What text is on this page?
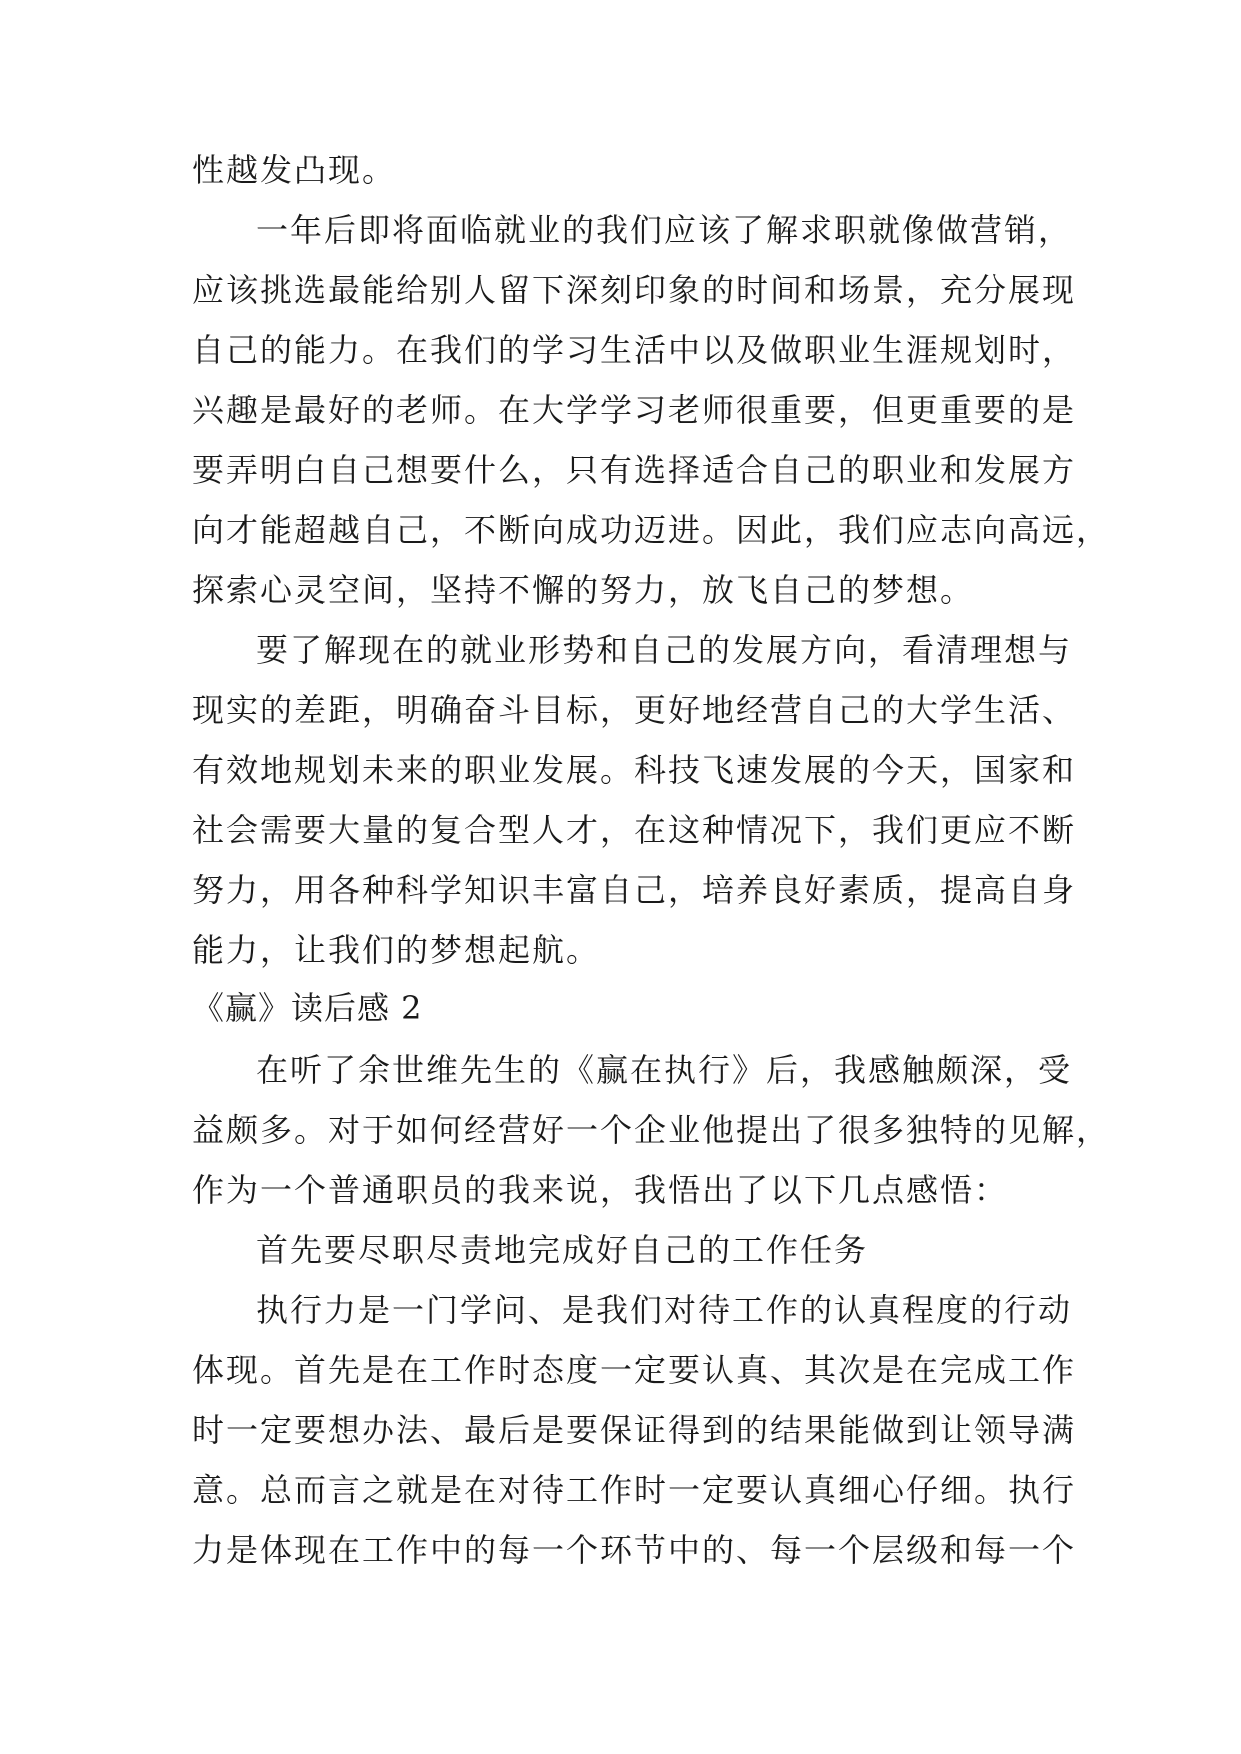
性越发凸现。
一年后即将面临就业的我们应该了解求职就像做营销，
应该挑选最能给别人留下深刻印象的时间和场景，充分展现
自己的能力。在我们的学习生活中以及做职业生涯规划时，
兴趣是最好的老师。在大学学习老师很重要，但更重要的是
要弄明白自己想要什么，只有选择适合自己的职业和发展方
向才能超越自己，不断向成功迈进。因此，我们应志向高远，
探索心灵空间，坚持不懈的努力，放飞自己的梦想。
要了解现在的就业形势和自己的发展方向，看清理想与
现实的差距，明确奋斗目标，更好地经营自己的大学生活、
有效地规划未来的职业发展。科技飞速发展的今天，国家和
社会需要大量的复合型人才，在这种情况下，我们更应不断
努力，用各种科学知识丰富自己，培养良好素质，提高自身
能力，让我们的梦想起航。
《赢》读后感 2
在听了余世维先生的《赢在执行》后，我感触颇深，受
益颇多。对于如何经营好一个企业他提出了很多独特的见解，
作为一个普通职员的我来说，我悟出了以下几点感悟：
首先要尽职尽责地完成好自己的工作任务
执行力是一门学问、是我们对待工作的认真程度的行动
体现。首先是在工作时态度一定要认真、其次是在完成工作
时一定要想办法、最后是要保证得到的结果能做到让领导满
意。总而言之就是在对待工作时一定要认真细心仔细。执行
力是体现在工作中的每一个环节中的、每一个层级和每一个
